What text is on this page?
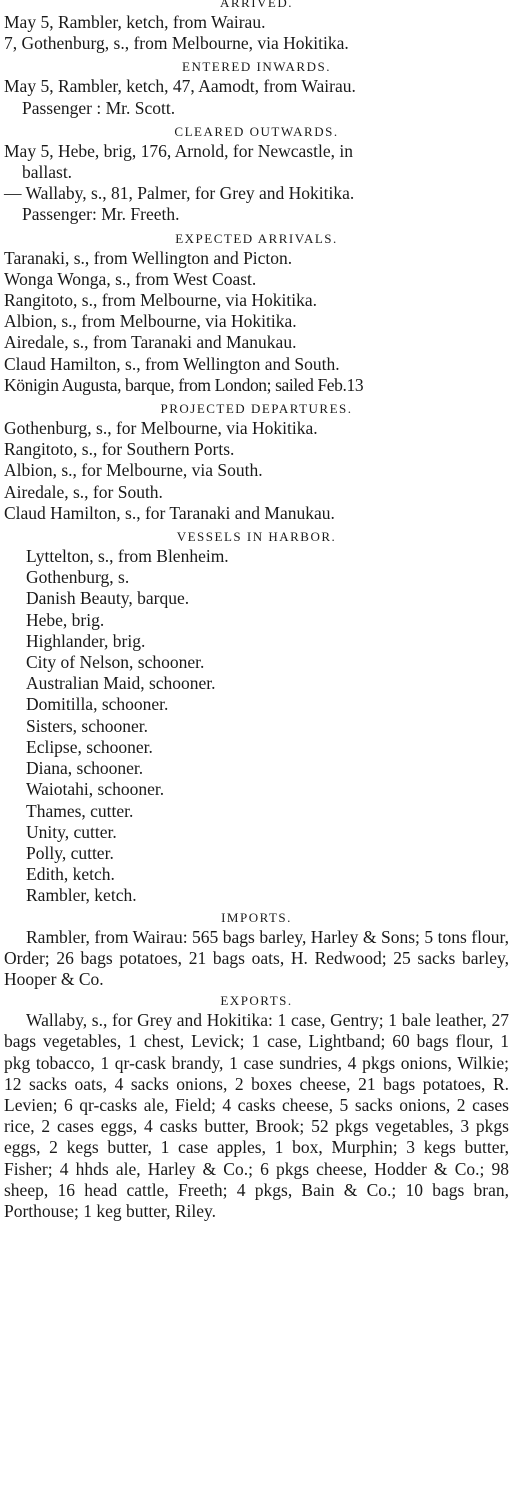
ARRIVED.

May 5, Rambler, ketch, from Wairau.

7, Gothenburg, s., from Melbourne, via Hokitika.

ENTERED INWARDS.

May 5, Rambler, ketch, 47, Aamodt, from Wairau.

Passenger : Mr. Scott.

CLEARED OUTWARDS.

May 5, Hebe, brig, 176, Arnold, for Newcastle, in

ballast.

— Wallaby, s., 81, Palmer, for Grey and Hokitika.

Passenger: Mr. Freeth.

EXPECTED ARRIVALS.

Taranaki, s., from Wellington and Picton.

Wonga Wonga, s., from West Coast.

Rangitoto, s., from Melbourne, via Hokitika.

Albion, s., from Melbourne, via Hokitika.

Airedale, s., from Taranaki and Manukau.

Claud Hamilton, s., from Wellington and South.

Königin Augusta, barque, from London; sailed Feb.13

PROJECTED DEPARTURES.

Gothenburg, s., for Melbourne, via Hokitika.

Rangitoto, s., for Southern Ports.

Albion, s., for Melbourne, via South.

Airedale, s., for South.

Claud Hamilton, s., for Taranaki and Manukau.

VESSELS IN HARBOR.

Lyttelton, s., from Blenheim.

Gothenburg, s.

Danish Beauty, barque.

Hebe, brig.

Highlander, brig.

City of Nelson, schooner.

Australian Maid, schooner.

Domitilla, schooner.

Sisters, schooner.

Eclipse, schooner.

Diana, schooner.

Waiotahi, schooner.

Thames, cutter.

Unity, cutter.

Polly, cutter.

Edith, ketch.

Rambler, ketch.

IMPORTS.

Rambler, from Wairau: 565 bags barley, Harley & Sons; 5 tons flour, Order; 26 bags potatoes, 21 bags oats, H. Redwood; 25 sacks barley, Hooper & Co.

EXPORTS.

Wallaby, s., for Grey and Hokitika: 1 case, Gentry; 1 bale leather, 27 bags vegetables, 1 chest, Levick; 1 case, Lightband; 60 bags flour, 1 pkg tobacco, 1 qr-cask brandy, 1 case sundries, 4 pkgs onions, Wilkie; 12 sacks oats, 4 sacks onions, 2 boxes cheese, 21 bags potatoes, R. Levien; 6 qr-casks ale, Field; 4 casks cheese, 5 sacks onions, 2 cases rice, 2 cases eggs, 4 casks butter, Brook; 52 pkgs vegetables, 3 pkgs eggs, 2 kegs butter, 1 case apples, 1 box, Murphin; 3 kegs butter, Fisher; 4 hhds ale, Harley & Co.; 6 pkgs cheese, Hodder & Co.; 98 sheep, 16 head cattle, Freeth; 4 pkgs, Bain & Co.; 10 bags bran, Porthouse; 1 keg butter, Riley.
